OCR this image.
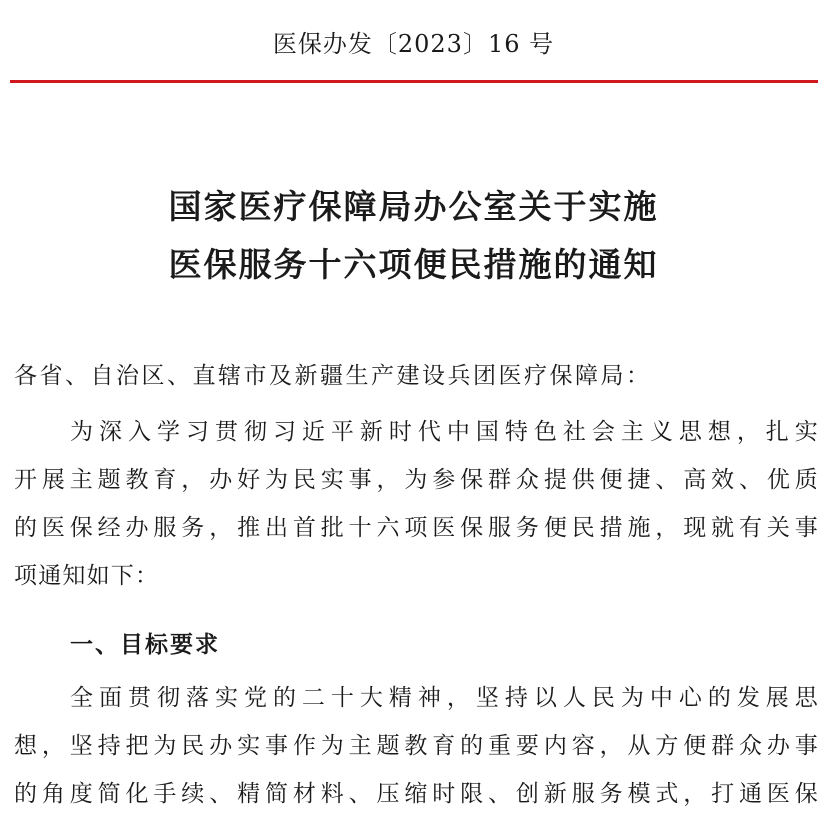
医保办发〔2023〕16 号
国家医疗保障局办公室关于实施
医保服务十六项便民措施的通知
各省、自治区、直辖市及新疆生产建设兵团医疗保障局：
为深入学习贯彻习近平新时代中国特色社会主义思想，扎实
开展主题教育，办好为民实事，为参保群众提供便捷、高效、优质
的医保经办服务，推出首批十六项医保服务便民措施，现就有关事
项通知如下：
一、目标要求
全面贯彻落实党的二十大精神，坚持以人民为中心的发展思
想，坚持把为民办实事作为主题教育的重要内容，从方便群众办事
的角度简化手续、精简材料、压缩时限、创新服务模式，打通医保
